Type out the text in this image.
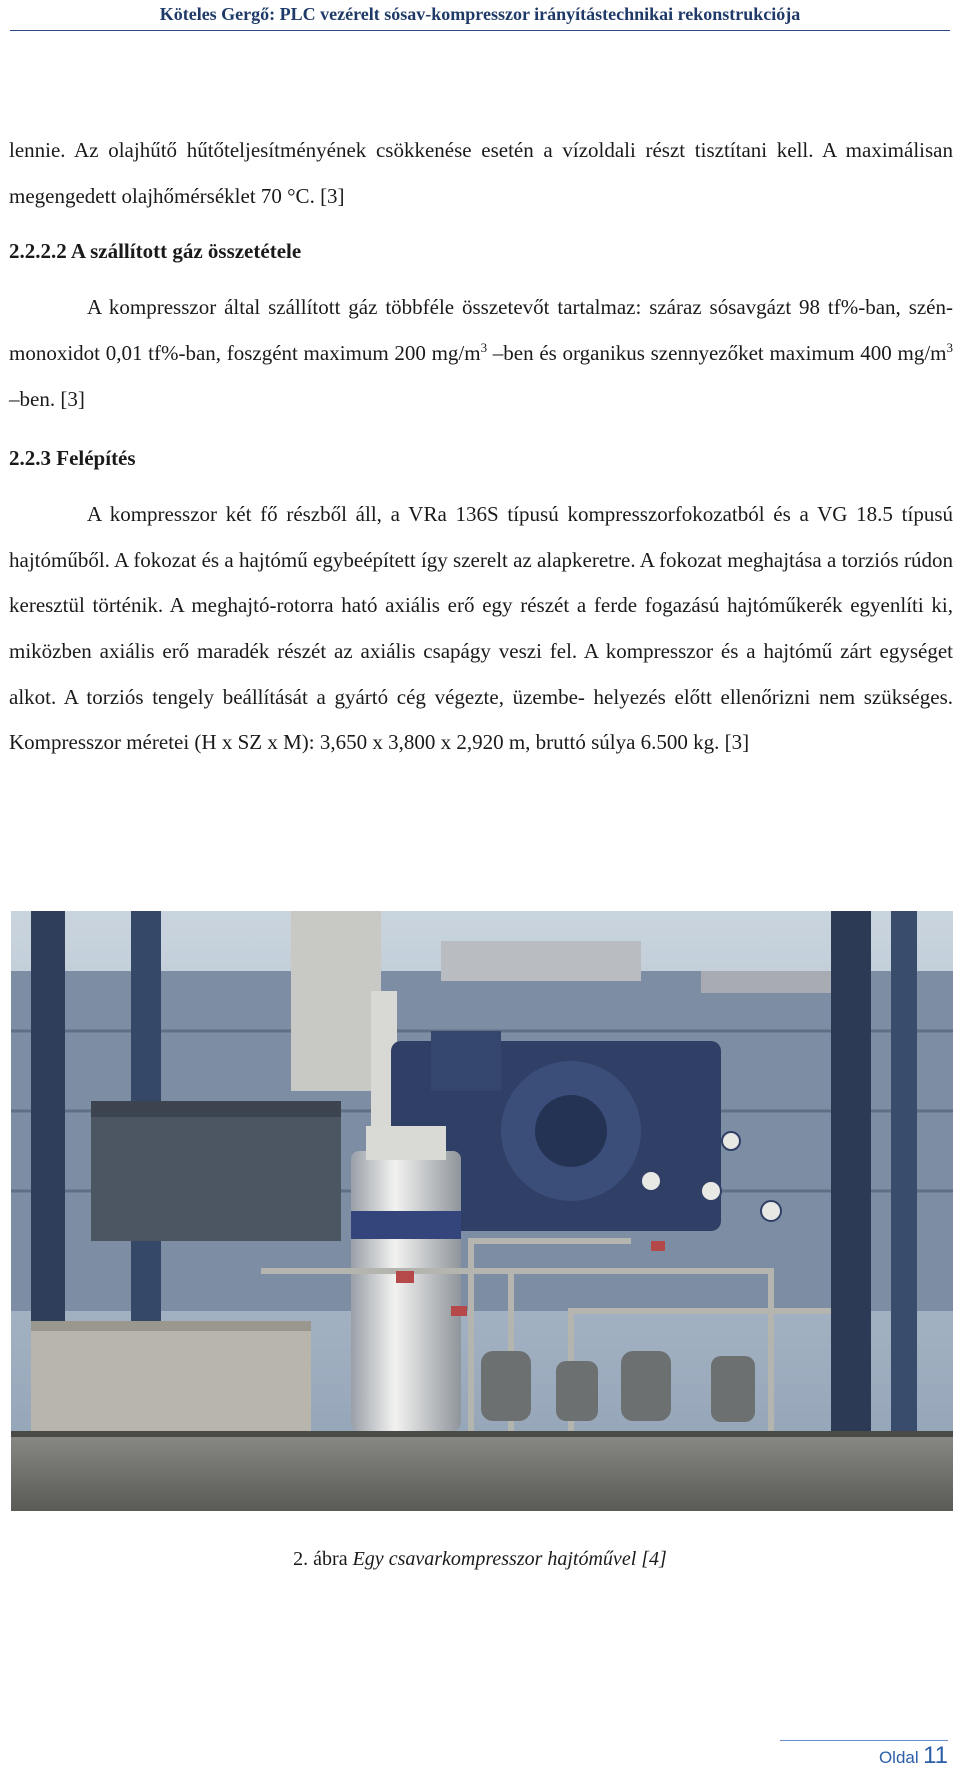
Köteles Gergő: PLC vezérelt sósav-kompresszor irányítástechnikai rekonstrukciója

lennie. Az olajhűtő hűtőteljesítményének csökkenése esetén a vízoldali részt tisztítani kell. A maximálisan megengedett olajhőmérséklet 70 °C. [3]

2.2.2.2 A szállított gáz összetétele

A kompresszor által szállított gáz többféle összetevőt tartalmaz: száraz sósavgázt 98 tf%-ban, szén-monoxidot 0,01 tf%-ban, foszgént maximum 200 $mg/m^3$ –ben és organikus szennyezőket maximum 400 $mg/m^3$ –ben. [3]

2.2.3 Felépítés

A kompresszor két fő részből áll, a VRa 136S típusú kompresszorfokozatból és a VG 18.5 típusú hajtóműből. A fokozat és a hajtómű egybeépített így szerelt az alapkeretre. A fokozat meghajtása a torziós rúdon keresztül történik. A meghajtó-rotorra ható axiális erő egy részét a ferde fogazású hajtóműkerék egyenlíti ki, miközben axiális erő maradék részét az axiális csapágy veszi fel. A kompresszor és a hajtómű zárt egységet alkot. A torziós tengely beállítását a gyártó cég végezte, üzembe- helyezés előtt ellenőrizni nem szükséges. Kompresszor méretei (H x SZ x M): 3,650 x 3,800 x 2,920 m, bruttó súlya 6.500 kg. [3]

2. ábra Egy csavarkompresszor hajtóművel [4]
Oldal 11
